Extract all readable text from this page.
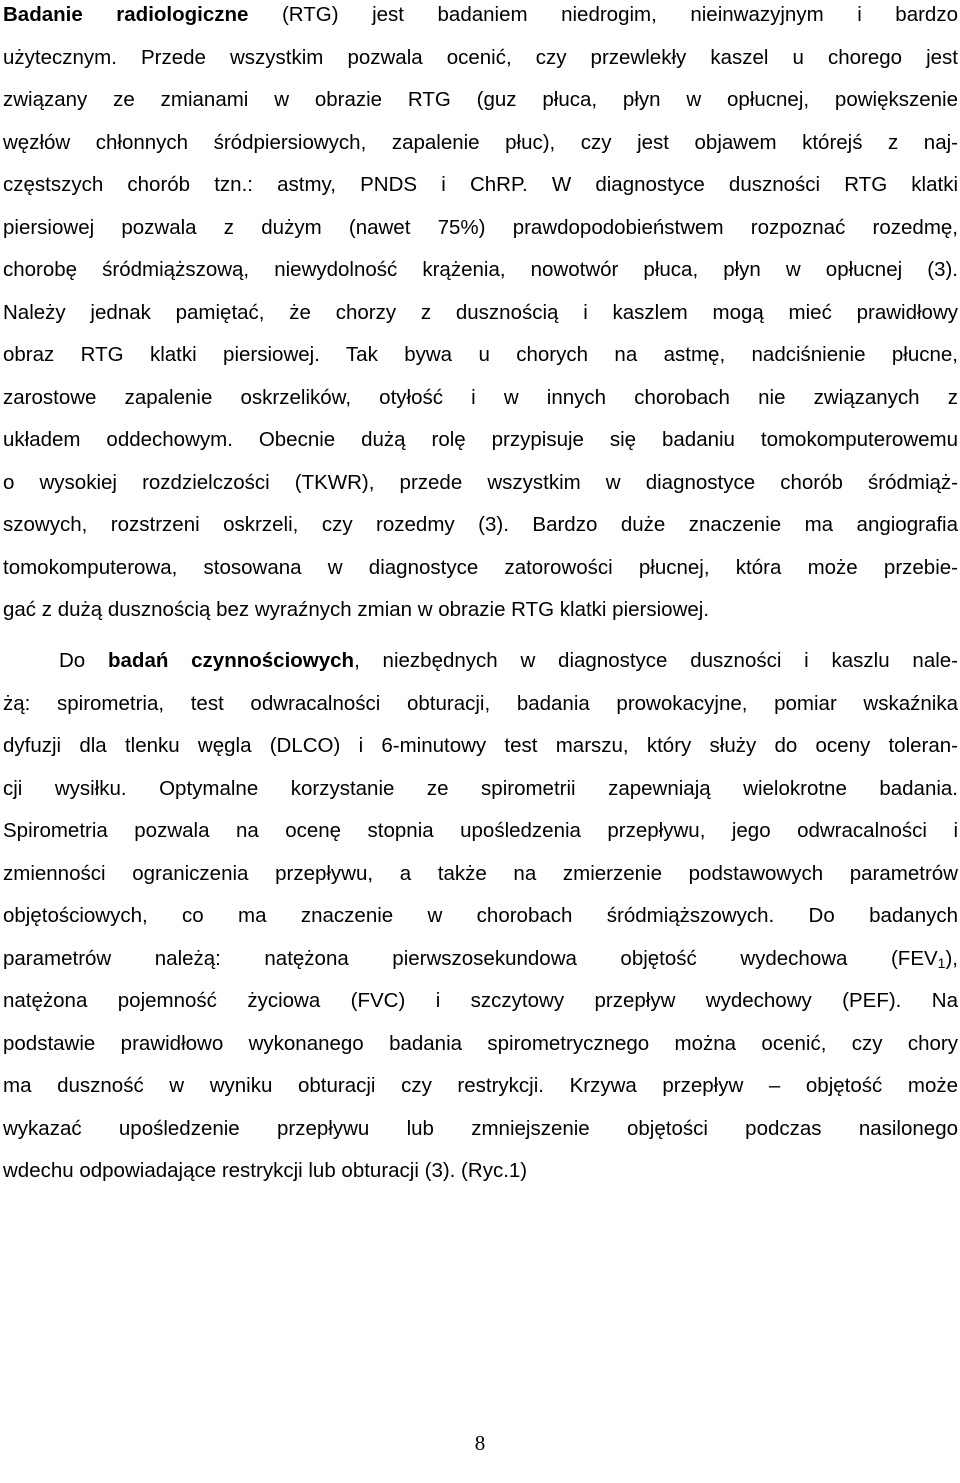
Badanie radiologiczne (RTG) jest badaniem niedrogim, nieinwazyjnym i bardzo
użytecznym. Przede wszystkim pozwala ocenić, czy przewlekły kaszel u chorego jest
związany ze zmianami w obrazie RTG (guz płuca, płyn w opłucnej, powiększenie
węzłów chłonnych śródpiersiowych, zapalenie płuc), czy jest objawem którejś z naj-
częstszych chorób tzn.: astmy, PNDS i ChRP. W diagnostyce duszności RTG klatki
piersiowej pozwala z dużym (nawet 75%) prawdopodobieństwem rozpoznać rozedmę,
chorobę śródmiąższową, niewydolność krążenia, nowotwór płuca, płyn w opłucnej (3).
Należy jednak pamiętać, że chorzy z dusznością i kaszlem mogą mieć prawidłowy
obraz RTG klatki piersiowej. Tak bywa u chorych na astmę, nadciśnienie płucne,
zarostowe zapalenie oskrzelików, otyłość i w innych chorobach nie związanych z
układem oddechowym. Obecnie dużą rolę przypisuje się badaniu tomokomputerowemu
o wysokiej rozdzielczości (TKWR), przede wszystkim w diagnostyce chorób śródmiąż-
szowych, rozstrzeni oskrzeli, czy rozedmy (3). Bardzo duże znaczenie ma angiografia
tomokomputerowa, stosowana w diagnostyce zatorowości płucnej, która może przebie-
gać z dużą dusznością bez wyraźnych zmian w obrazie RTG klatki piersiowej.
Do badań czynnościowych, niezbędnych w diagnostyce duszności i kaszlu nale-
żą: spirometria, test odwracalności obturacji, badania prowokacyjne, pomiar wskaźnika
dyfuzji dla tlenku węgla (DLCO) i 6-minutowy test marszu, który służy do oceny toleran-
cji wysiłku. Optymalne korzystanie ze spirometrii zapewniają wielokrotne badania.
Spirometria pozwala na ocenę stopnia upośledzenia przepływu, jego odwracalności i
zmienności ograniczenia przepływu, a także na zmierzenie podstawowych parametrów
objętościowych, co ma znaczenie w chorobach śródmiąższowych. Do badanych
parametrów należą: natężona pierwszosekundowa objętość wydechowa $(FEV_1)$,
natężona pojemność życiowa (FVC) i szczytowy przepływ wydechowy (PEF). Na
podstawie prawidłowo wykonanego badania spirometrycznego można ocenić, czy chory
ma duszność w wyniku obturacji czy restrykcji. Krzywa przepływ – objętość może
wykazać upośledzenie przepływu lub zmniejszenie objętości podczas nasilonego
wdechu odpowiadające restrykcji lub obturacji (3). (Ryc.1)
8
